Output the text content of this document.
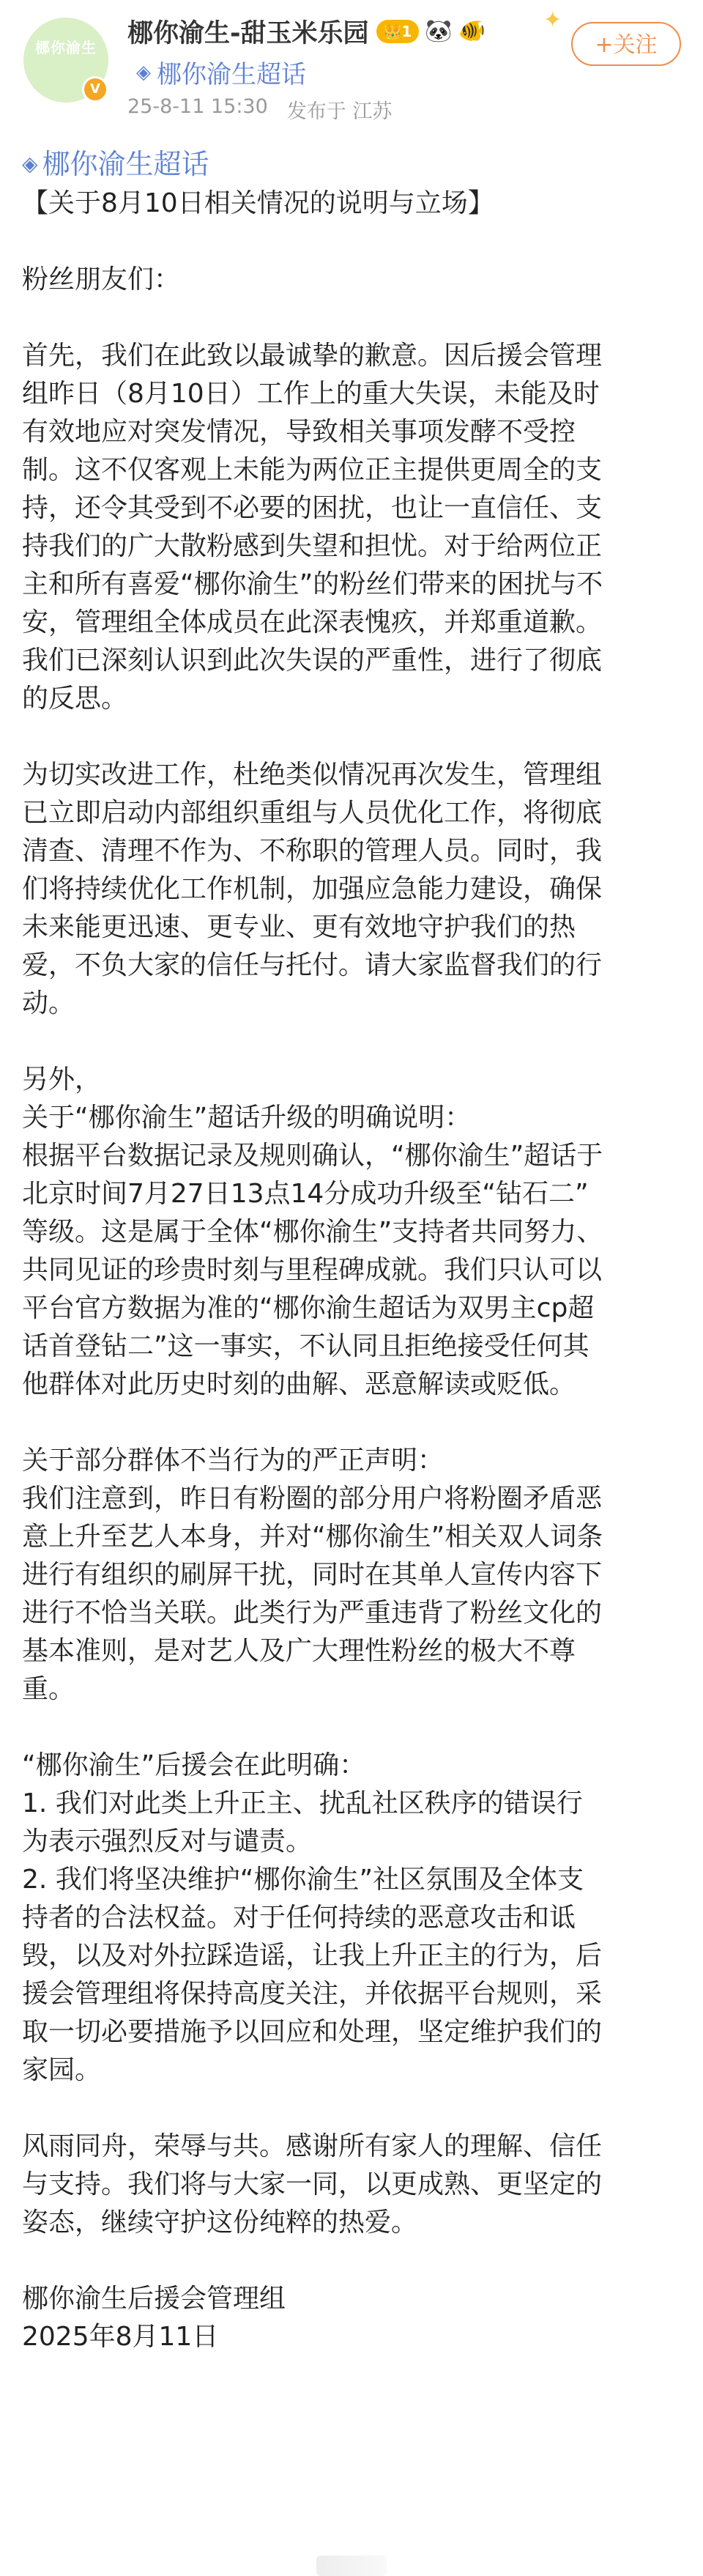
梛你渝生
V
梛你渝生-甜玉米乐园	👑1 🐼 🐠
◈ 梛你渝生超话
25-8-11 15:30 发布于 江苏
✦
+关注
◈ 梛你渝生超话
【关于8月10日相关情况的说明与立场】
粉丝朋友们：
首先，我们在此致以最诚挚的歉意。因后援会管理
组昨日（8月10日）工作上的重大失误，未能及时
有效地应对突发情况，导致相关事项发酵不受控
制。这不仅客观上未能为两位正主提供更周全的支
持，还令其受到不必要的困扰，也让一直信任、支
持我们的广大散粉感到失望和担忧。对于给两位正
主和所有喜爱“梛你渝生”的粉丝们带来的困扰与不
安，管理组全体成员在此深表愧疚，并郑重道歉。
我们已深刻认识到此次失误的严重性，进行了彻底
的反思。
为切实改进工作，杜绝类似情况再次发生，管理组
已立即启动内部组织重组与人员优化工作，将彻底
清查、清理不作为、不称职的管理人员。同时，我
们将持续优化工作机制，加强应急能力建设，确保
未来能更迅速、更专业、更有效地守护我们的热
爱，不负大家的信任与托付。请大家监督我们的行
动。
另外，
关于“梛你渝生”超话升级的明确说明：
根据平台数据记录及规则确认，“梛你渝生”超话于
北京时间7月27日13点14分成功升级至“钻石二”
等级。这是属于全体“梛你渝生”支持者共同努力、
共同见证的珍贵时刻与里程碑成就。我们只认可以
平台官方数据为准的“梛你渝生超话为双男主cp超
话首登钻二”这一事实，不认同且拒绝接受任何其
他群体对此历史时刻的曲解、恶意解读或贬低。
关于部分群体不当行为的严正声明：
我们注意到，昨日有粉圈的部分用户将粉圈矛盾恶
意上升至艺人本身，并对“梛你渝生”相关双人词条
进行有组织的刷屏干扰，同时在其单人宣传内容下
进行不恰当关联。此类行为严重违背了粉丝文化的
基本准则，是对艺人及广大理性粉丝的极大不尊
重。
“梛你渝生”后援会在此明确：
1. 我们对此类上升正主、扰乱社区秩序的错误行
为表示强烈反对与谴责。
2. 我们将坚决维护“梛你渝生”社区氛围及全体支
持者的合法权益。对于任何持续的恶意攻击和诋
毁，以及对外拉踩造谣，让我上升正主的行为，后
援会管理组将保持高度关注，并依据平台规则，采
取一切必要措施予以回应和处理，坚定维护我们的
家园。
风雨同舟，荣辱与共。感谢所有家人的理解、信任
与支持。我们将与大家一同，以更成熟、更坚定的
姿态，继续守护这份纯粹的热爱。
梛你渝生后援会管理组
2025年8月11日
